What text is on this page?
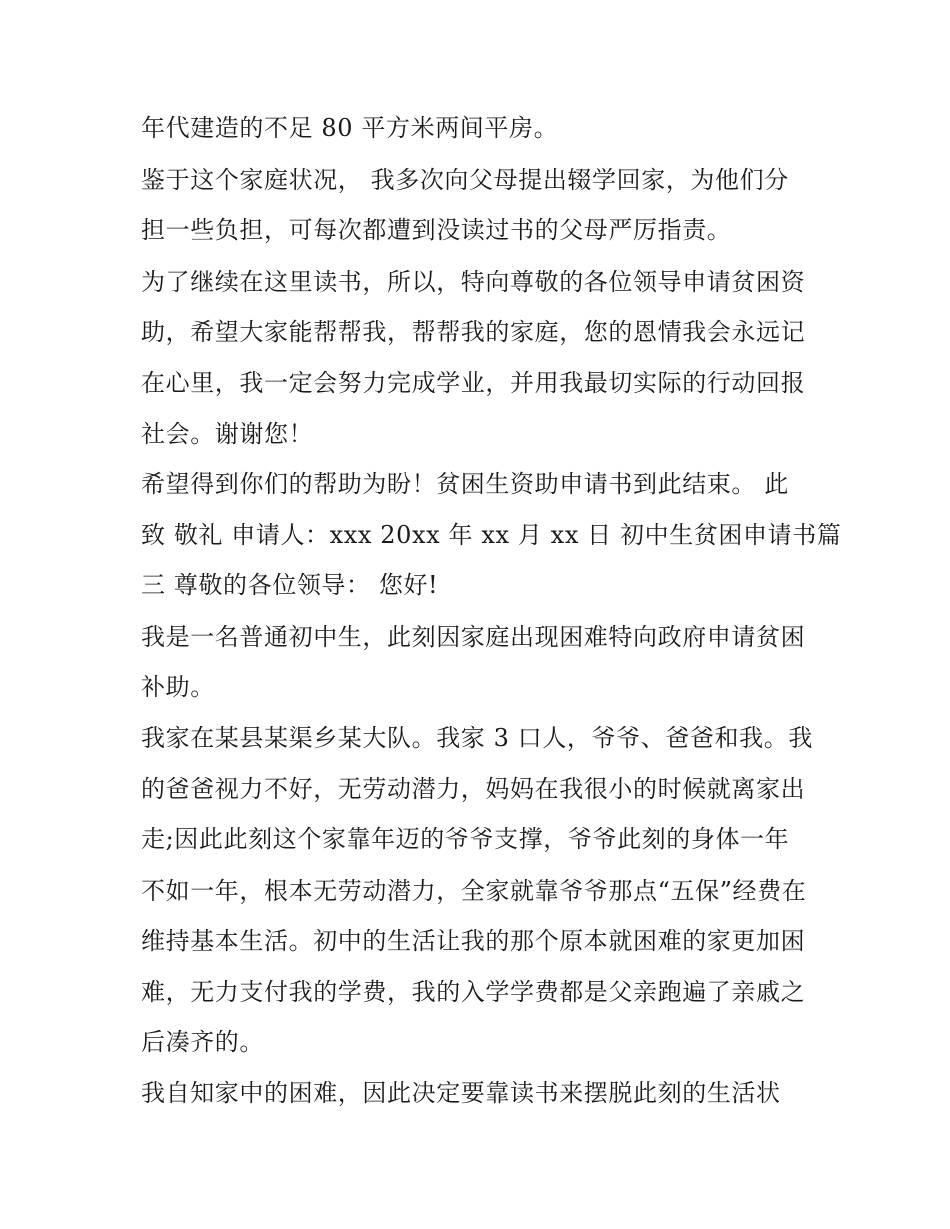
年代建造的不足 80 平方米两间平房。
鉴于这个家庭状况， 我多次向父母提出辍学回家，为他们分
担一些负担，可每次都遭到没读过书的父母严厉指责。
为了继续在这里读书，所以，特向尊敬的各位领导申请贫困资
助，希望大家能帮帮我，帮帮我的家庭，您的恩情我会永远记
在心里，我一定会努力完成学业，并用我最切实际的行动回报
社会。谢谢您！
希望得到你们的帮助为盼！贫困生资助申请书到此结束。 此
致 敬礼 申请人：xxx 20xx 年 xx 月 xx 日 初中生贫困申请书篇
三 尊敬的各位领导： 您好!
我是一名普通初中生，此刻因家庭出现困难特向政府申请贫困
补助。
我家在某县某渠乡某大队。我家 3 口人，爷爷、爸爸和我。我
的爸爸视力不好，无劳动潜力，妈妈在我很小的时候就离家出
走;因此此刻这个家靠年迈的爷爷支撑，爷爷此刻的身体一年
不如一年，根本无劳动潜力，全家就靠爷爷那点“五保”经费在
维持基本生活。初中的生活让我的那个原本就困难的家更加困
难，无力支付我的学费，我的入学学费都是父亲跑遍了亲戚之
后凑齐的。
我自知家中的困难，因此决定要靠读书来摆脱此刻的生活状
